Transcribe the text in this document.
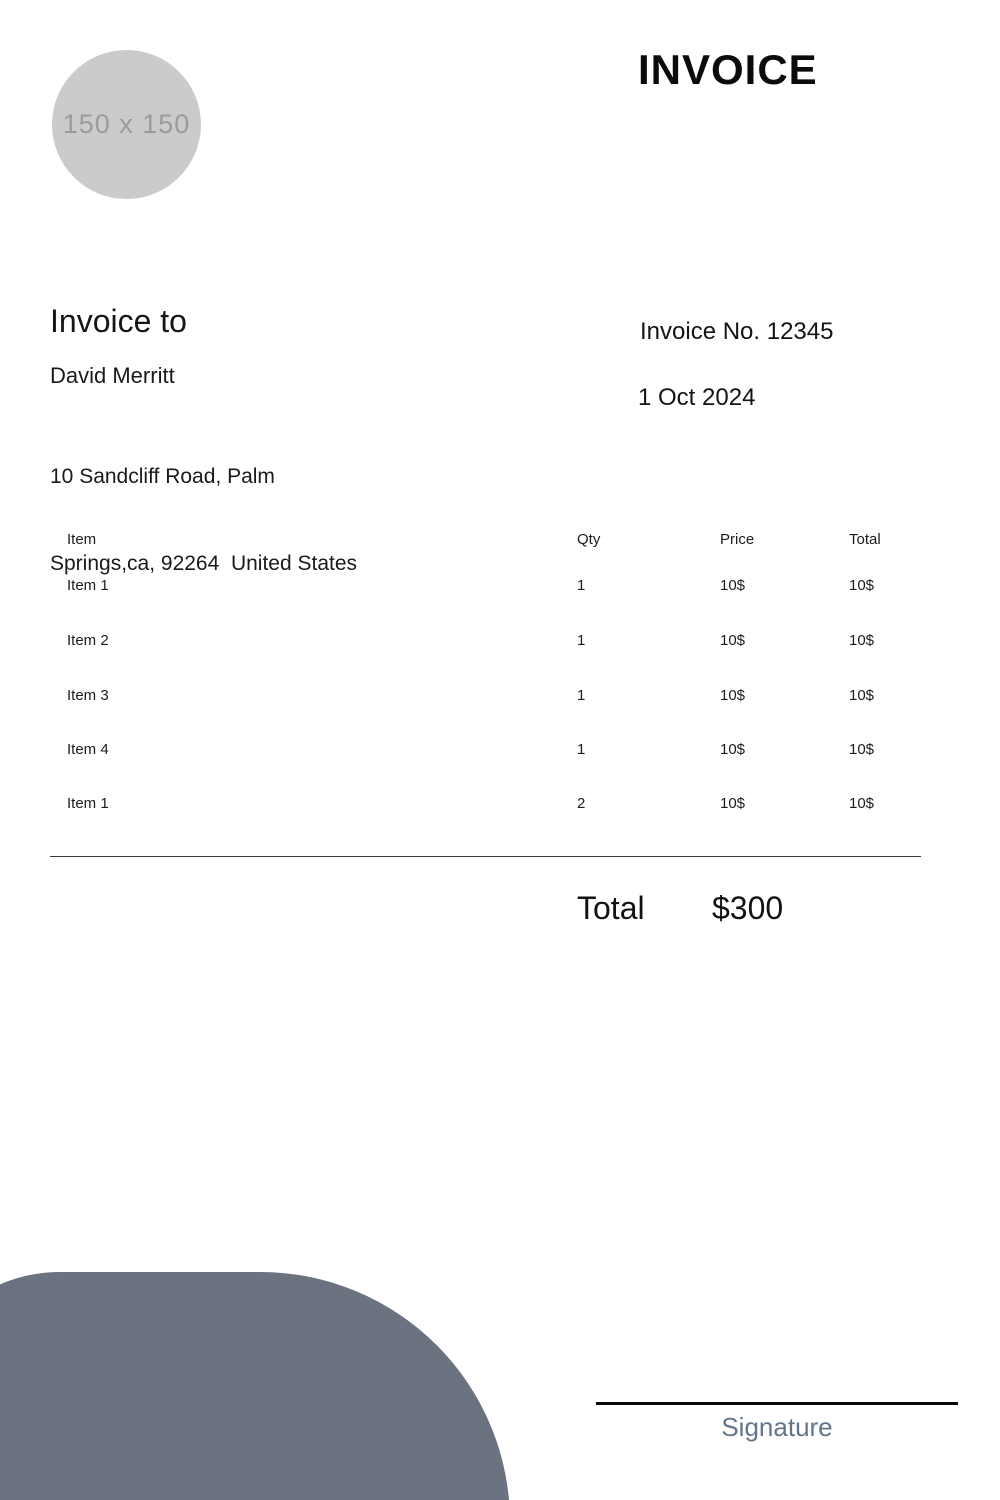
150 x 150
INVOICE
Invoice to
David Merritt

10 Sandcliff Road, Palm

Springs,ca, 92264  United States

Invoice No. 12345
1 Oct 2024
Item	Qty	Price	Total
Item 1	1	10$	10$
Item 2	1	10$	10$
Item 3	1	10$	10$
Item 4	1	10$	10$
Item 1	2	10$	10$
Total $300
Signature
